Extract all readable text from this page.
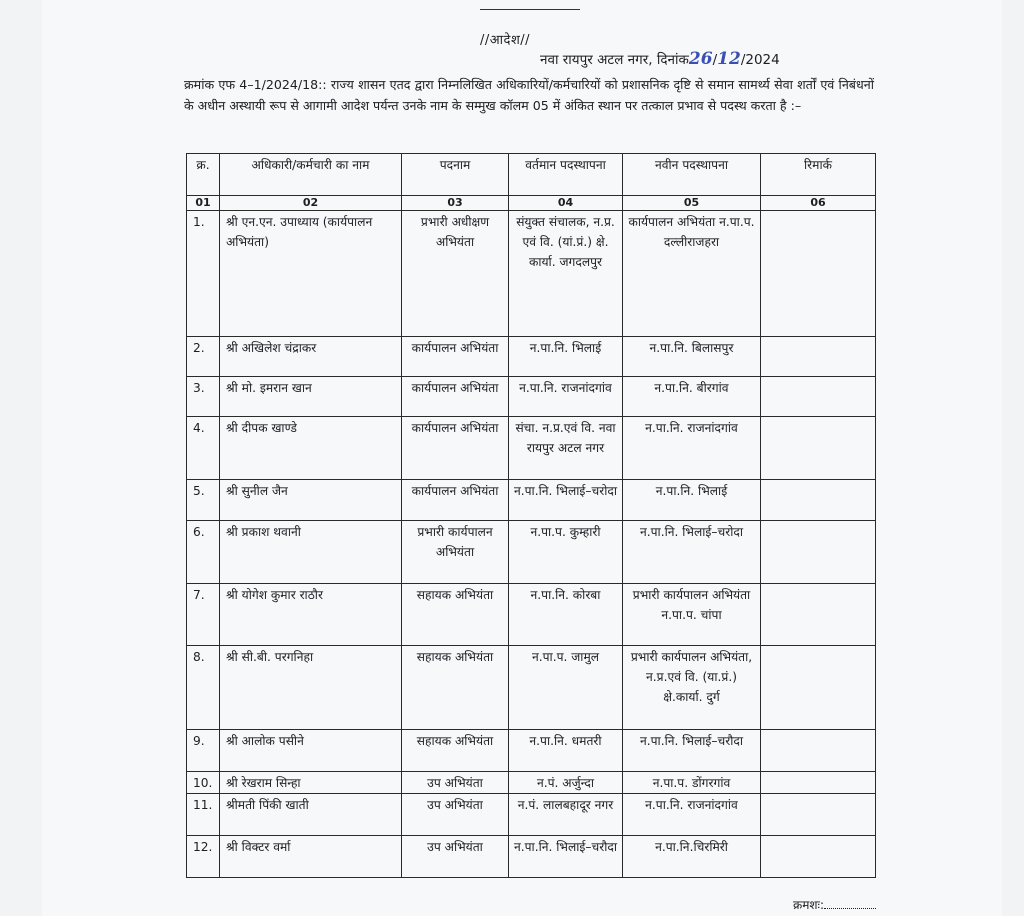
//आदेश//
नवा रायपुर अटल नगर, दिनांक26/12/2024
क्रमांक एफ 4–1/2024/18:: राज्य शासन एतद द्वारा निम्नलिखित अधिकारियों/कर्मचारियों को प्रशासनिक दृष्टि से समान सामर्थ्य सेवा शर्तों एवं निबंधनों के अधीन अस्थायी रूप से आगामी आदेश पर्यन्त उनके नाम के सम्मुख कॉलम 05 में अंकित स्थान पर तत्काल प्रभाव से पदस्थ करता है :–
क्र.	अधिकारी/कर्मचारी का नाम	पदनाम	वर्तमान पदस्थापना	नवीन पदस्थापना	रिमार्क
01	02	03	04	05	06
1.	श्री एन.एन. उपाध्याय (कार्यपालन अभियंता)	प्रभारी अधीक्षण अभियंता	संयुक्त संचालक, न.प्र. एवं वि. (यां.प्रं.) क्षे. कार्या. जगदलपुर	कार्यपालन अभियंता न.पा.प. दल्लीराजहरा	
2.	श्री अखिलेश चंद्राकर	कार्यपालन अभियंता	न.पा.नि. भिलाई	न.पा.नि. बिलासपुर	
3.	श्री मो. इमरान खान	कार्यपालन अभियंता	न.पा.नि. राजनांदगांव	न.पा.नि. बीरगांव	
4.	श्री दीपक खाण्डे	कार्यपालन अभियंता	संचा. न.प्र.एवं वि. नवा रायपुर अटल नगर	न.पा.नि. राजनांदगांव	
5.	श्री सुनील जैन	कार्यपालन अभियंता	न.पा.नि. भिलाई–चरोदा	न.पा.नि. भिलाई	
6.	श्री प्रकाश थवानी	प्रभारी कार्यपालन अभियंता	न.पा.प. कुम्हारी	न.पा.नि. भिलाई–चरोदा	
7.	श्री योगेश कुमार राठौर	सहायक अभियंता	न.पा.नि. कोरबा	प्रभारी कार्यपालन अभियंता न.पा.प. चांपा	
8.	श्री सी.बी. परगनिहा	सहायक अभियंता	न.पा.प. जामुल	प्रभारी कार्यपालन अभियंता, न.प्र.एवं वि. (या.प्रं.) क्षे.कार्या. दुर्ग	
9.	श्री आलोक पसीने	सहायक अभियंता	न.पा.नि. धमतरी	न.पा.नि. भिलाई–चरौदा	
10.	श्री रेखराम सिन्हा	उप अभियंता	न.पं. अर्जुन्दा	न.पा.प. डोंगरगांव	
11.	श्रीमती पिंकी खाती	उप अभियंता	न.पं. लालबहादूर नगर	न.पा.नि. राजनांदगांव	
12.	श्री विक्टर वर्मा	उप अभियंता	न.पा.नि. भिलाई–चरौदा	न.पा.नि.चिरमिरी	
क्रमशः:
